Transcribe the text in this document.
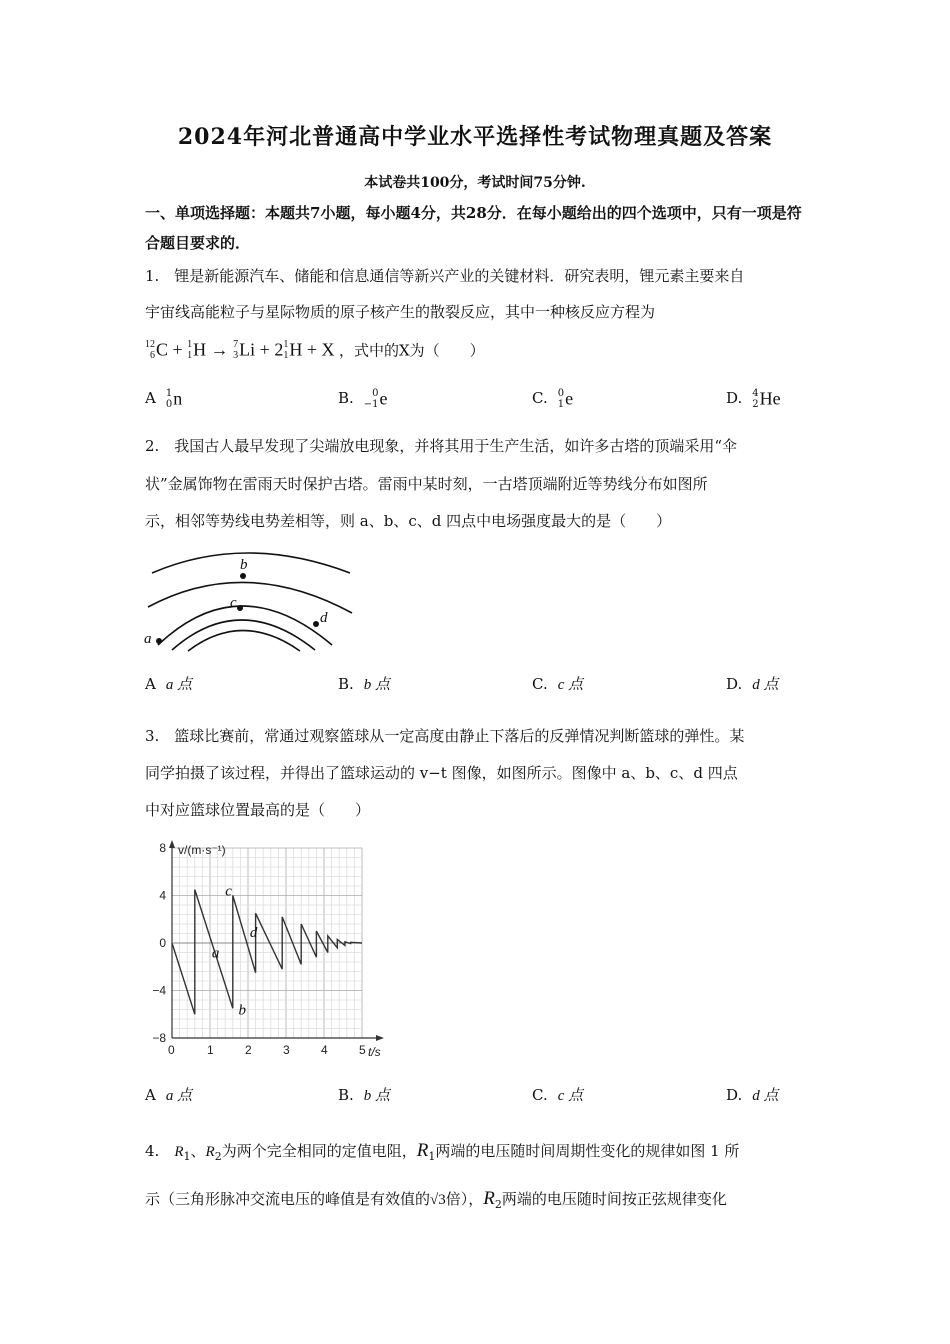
2024年河北普通高中学业水平选择性考试物理真题及答案
本试卷共100分，考试时间75分钟.
一、单项选择题：本题共7小题，每小题4分，共28分．在每小题给出的四个选项中，只有一项是符合题目要求的．
1.　锂是新能源汽车、储能和信息通信等新兴产业的关键材料．研究表明，锂元素主要来自
宇宙线高能粒子与星际物质的原子核产生的散裂反应，其中一种核反应方程为
12
6C + 1
1H → 7
3Li + 21
1H + X ，式中的X为（　　）
A 1
0n	B. 0
−1e	C. 0
1e	D. 4
2He
2.　我国古人最早发现了尖端放电现象，并将其用于生产生活，如许多古塔的顶端采用“伞
状”金属饰物在雷雨天时保护古塔。雷雨中某时刻，一古塔顶端附近等势线分布如图所
示，相邻等势线电势差相等，则 a、b、c、d 四点中电场强度最大的是（　　）
b
c
a
d
A a 点	B. b 点	C. c 点	D. d 点
3.　篮球比赛前，常通过观察篮球从一定高度由静止下落后的反弹情况判断篮球的弹性。某
同学拍摄了该过程，并得出了篮球运动的 v−t 图像，如图所示。图像中 a、b、c、d 四点
中对应篮球位置最高的是（　　）
0	1	2	3	4	5
8
4
0
−4
−8
a
b
c
d
v/(m·s⁻¹)
t/s
A a 点	B. b 点	C. c 点	D. d 点
4.　 $R_1$、$R_2$为两个完全相同的定值电阻，$R_1$两端的电压随时间周期性变化的规律如图 1 所
示（三角形脉冲交流电压的峰值是有效值的√3倍），$R_2$两端的电压随时间按正弦规律变化
